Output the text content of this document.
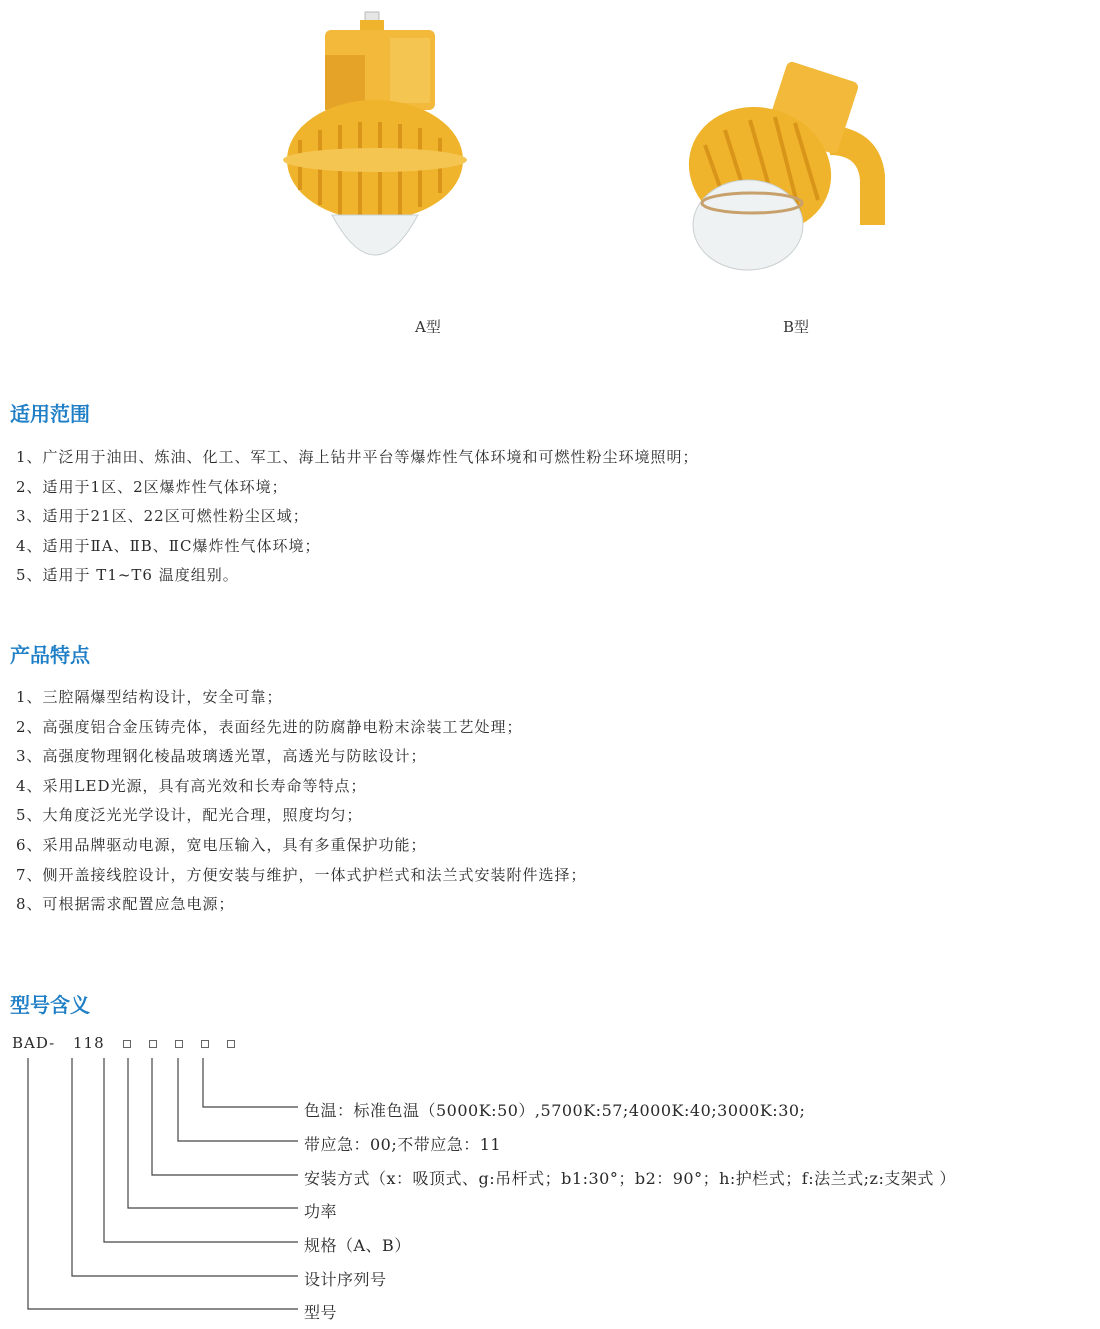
A型	B型
适用范围
1、广泛用于油田、炼油、化工、军工、海上钻井平台等爆炸性气体环境和可燃性粉尘环境照明；
2、适用于1区、2区爆炸性气体环境；
3、适用于21区、22区可燃性粉尘区域；
4、适用于ⅡA、ⅡB、ⅡC爆炸性气体环境；
5、适用于 T1~T6 温度组别。
产品特点
1、三腔隔爆型结构设计，安全可靠；
2、高强度铝合金压铸壳体，表面经先进的防腐静电粉末涂装工艺处理；
3、高强度物理钢化棱晶玻璃透光罩，高透光与防眩设计；
4、采用LED光源，具有高光效和长寿命等特点；
5、大角度泛光光学设计，配光合理，照度均匀；
6、采用品牌驱动电源，宽电压输入，具有多重保护功能；
7、侧开盖接线腔设计，方便安装与维护，一体式护栏式和法兰式安装附件选择；
8、可根据需求配置应急电源；
型号含义
BAD- 118
色温：标准色温（5000K:50）,5700K:57;4000K:40;3000K:30;
带应急：00;不带应急：11
安装方式（x：吸顶式、g:吊杆式；b1:30°；b2：90°；h:护栏式；f:法兰式;z:支架式 ）
功率
规格（A、B）
设计序列号
型号
